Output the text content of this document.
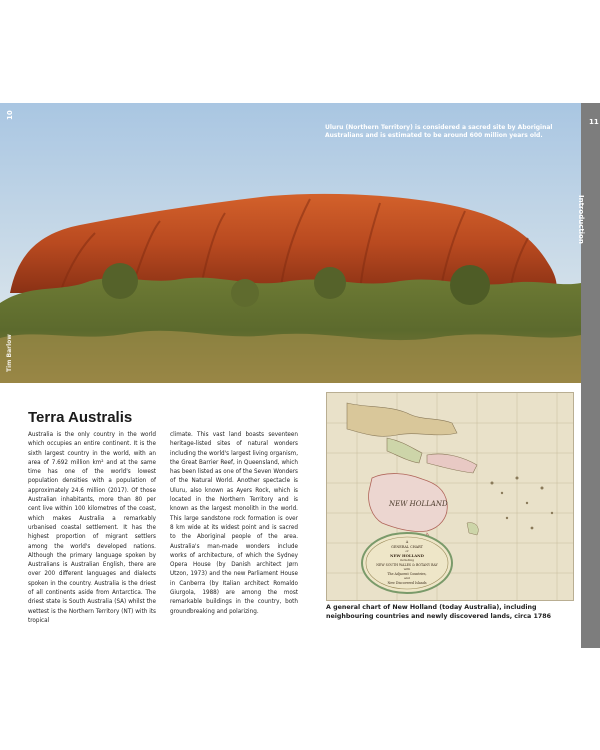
10
Tim Barlow
Uluru (Northern Territory) is considered a sacred site by Aboriginal Australians and is estimated to be around 600 million years old.
11
Introduction
Terra Australis
Australia is the only country in the world which occupies an entire continent. It is the sixth largest country in the world, with an area of 7.692 million km² and at the same time has one of the world's lowest population densities with a population of approximately 24.6 million (2017). Of those Australian inhabitants, more than 80 per cent live within 100 kilometres of the coast, which makes Australia a remarkably urbanised coastal settlement. It has the highest proportion of migrant settlers among the world's developed nations. Although the primary language spoken by Australians is Australian English, there are over 200 different languages and dialects spoken in the country. Australia is the driest of all continents aside from Antarctica. The driest state is South Australia (SA) whilst the wettest is the Northern Territory (NT) with its tropical
climate. This vast land boasts seventeen heritage-listed sites of natural wonders including the world's largest living organism, the Great Barrier Reef, in Queensland, which has been listed as one of the Seven Wonders of the Natural World. Another spectacle is Uluru, also known as Ayers Rock, which is located in the Northern Territory and is known as the largest monolith in the world. This large sandstone rock formation is over 8 km wide at its widest point and is sacred to the Aboriginal people of the area. Australia's man-made wonders include works of architecture, of which the Sydney Opera House (by Danish architect Jørn Utzon, 1973) and the new Parliament House in Canberra (by Italian architect Romaldo Giurgola, 1988) are among the most remarkable buildings in the country, both groundbreaking and polarizing.
NEW HOLLAND
A
GENERAL CHART
of
NEW HOLLAND
including
NEW SOUTH WALES & BOTANY BAY
with
The Adjacent Countries,
and
New Discovered Islands
A general chart of New Holland (today Australia), including neighbouring countries and newly discovered lands, circa 1786
